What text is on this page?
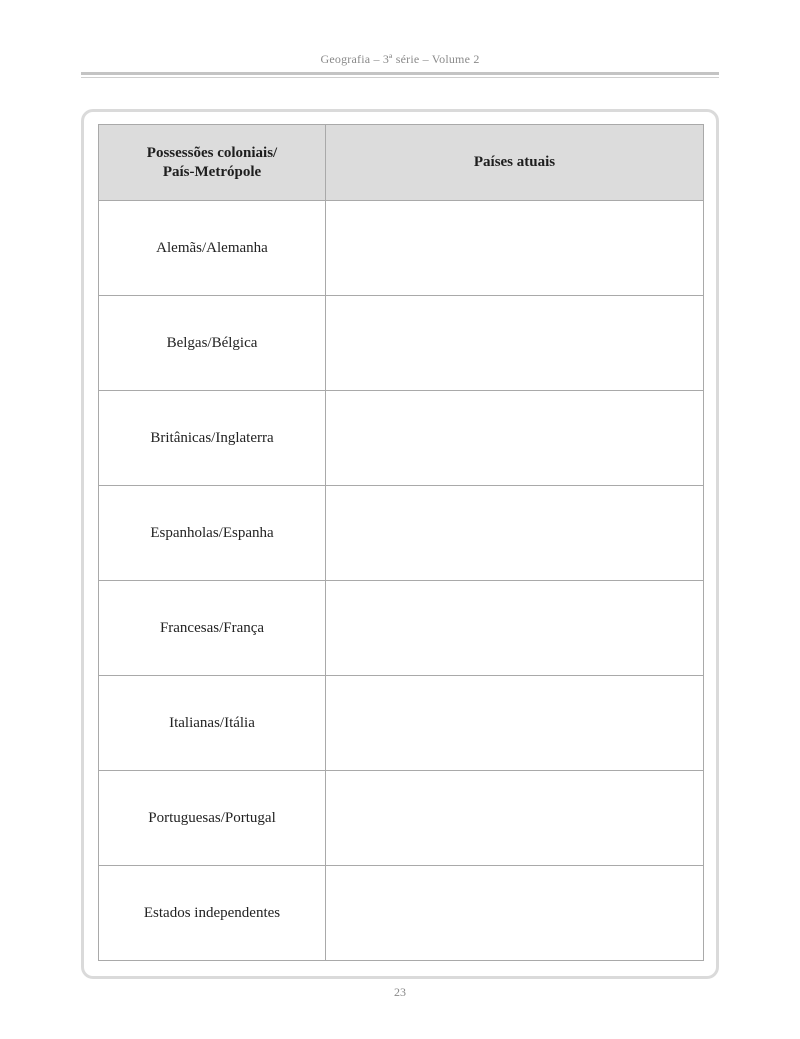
Geografia – 3ª série – Volume 2
Possessões coloniais/
País-Metrópole	Países atuais
Alemãs/Alemanha	
Belgas/Bélgica	
Britânicas/Inglaterra	
Espanholas/Espanha	
Francesas/França	
Italianas/Itália	
Portuguesas/Portugal	
Estados independentes	
23
